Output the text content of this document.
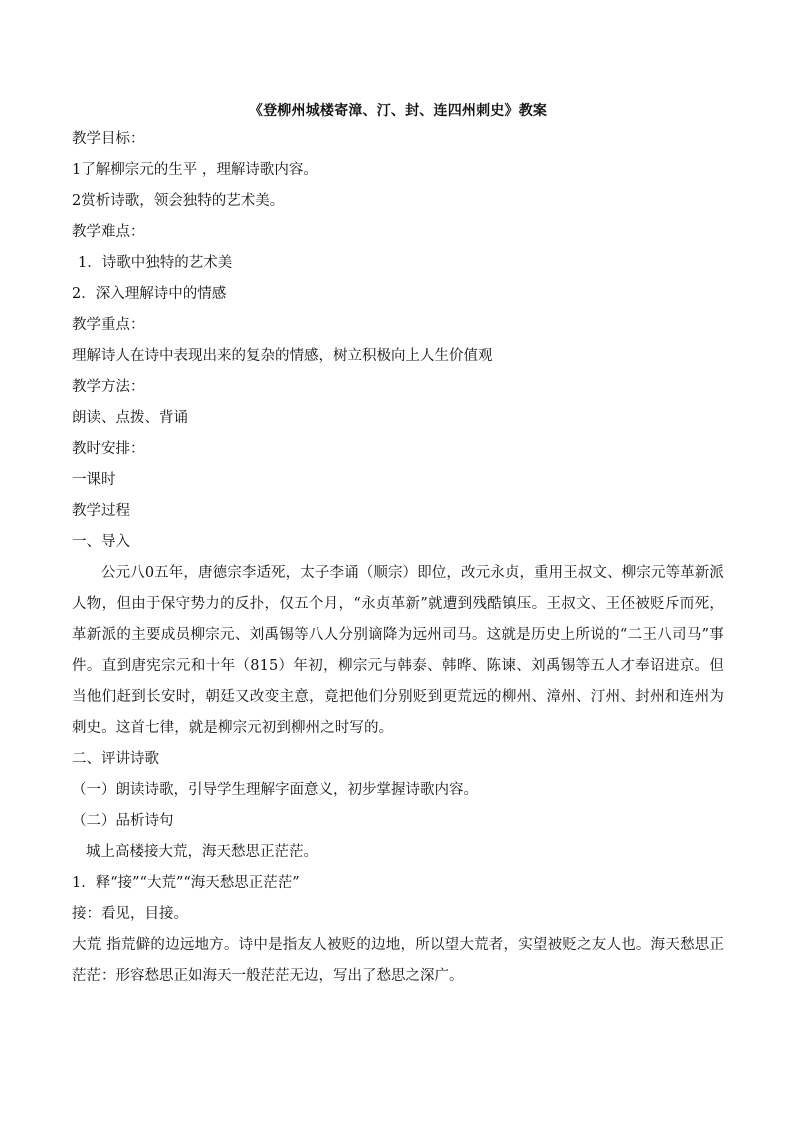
《登柳州城楼寄漳、汀、封、连四州刺史》教案
教学目标：
1了解柳宗元的生平 ，理解诗歌内容。
2赏析诗歌，领会独特的艺术美。
教学难点：
1．诗歌中独特的艺术美
2．深入理解诗中的情感
教学重点：
理解诗人在诗中表现出来的复杂的情感，树立积极向上人生价值观
教学方法：
朗读、点拨、背诵
教时安排：
一课时
教学过程
一、导入
公元八0五年，唐德宗李适死，太子李诵（顺宗）即位，改元永贞，重用王叔文、柳宗元等革新派人物，但由于保守势力的反扑，仅五个月，“永贞革新”就遭到残酷镇压。王叔文、王伾被贬斥而死，革新派的主要成员柳宗元、刘禹锡等八人分别谪降为远州司马。这就是历史上所说的“二王八司马”事件。直到唐宪宗元和十年（815）年初，柳宗元与韩泰、韩晔、陈谏、刘禹锡等五人才奉诏进京。但当他们赶到长安时，朝廷又改变主意，竟把他们分别贬到更荒远的柳州、漳州、汀州、封州和连州为刺史。这首七律，就是柳宗元初到柳州之时写的。
二、评讲诗歌
（一）朗读诗歌，引导学生理解字面意义，初步掌握诗歌内容。
（二）品析诗句
城上高楼接大荒，海天愁思正茫茫。
1．释“接”“大荒”“海天愁思正茫茫”
接：看见，目接。
大荒 指荒僻的边远地方。诗中是指友人被贬的边地，所以望大荒者，实望被贬之友人也。海天愁思正茫茫：形容愁思正如海天一般茫茫无边，写出了愁思之深广。
